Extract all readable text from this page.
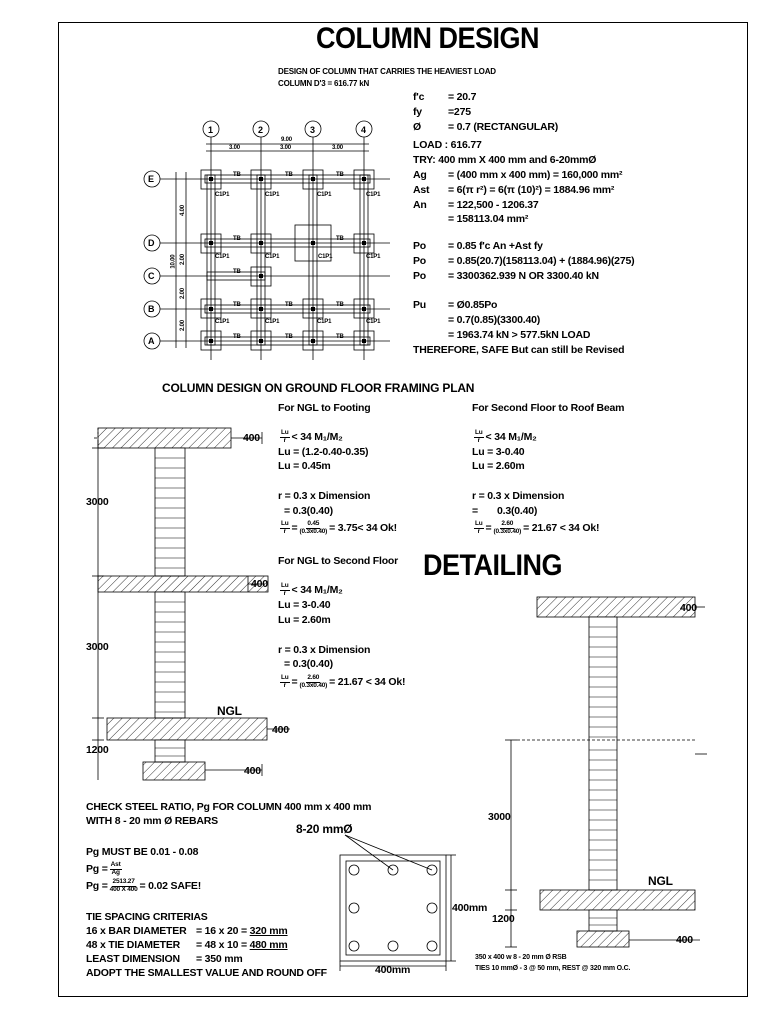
COLUMN DESIGN
DESIGN OF COLUMN THAT CARRIES THE HEAVIEST LOAD
COLUMN D'3 = 616.77 kN
1	2	3	4
E
D
C
B
A
9.00
3.00	3.00	3.00
4.00
2.00
2.00
2.00
10.00
TB	TB	TB
TB	TB
TB	TB	TB
TB
TB	TB	TB
C1P1	C1P1	C1P1	C1P1
C1P1	C1P1	C1P1	C1P1
C1P1	C1P1	C1P1	C1P1
f'c = 20.7
fy =275
Ø	= 0.7 (RECTANGULAR)
LOAD : 616.77
TRY: 400 mm X 400 mm and 6-20mmØ
Ag = (400 mm x 400 mm) = 160,000 mm²
Ast = 6(π r²) = 6(π (10)²) = 1884.96 mm²
An = 122,500 - 1206.37
= 158113.04 mm²
Po = 0.85 f'c An +Ast fy
Po = 0.85(20.7)(158113.04) + (1884.96)(275)
Po = 3300362.939 N OR 3300.40 kN
Pu = Ø0.85Po
= 0.7(0.85)(3300.40)
= 1963.74 kN > 577.5kN LOAD
THEREFORE, SAFE But can still be Revised
COLUMN DESIGN ON GROUND FLOOR FRAMING PLAN
For NGL to Footing
$\frac{Lu}{r} < 34$ M₁/M₂
Lu = (1.2-0.40-0.35)
Lu = 0.45m
r = 0.3 x Dimension
= 0.3(0.40)
$\frac{Lu}{r} = \frac{0.45}{(0.3x0.40)} = 3.75< 34$ Ok!
For Second Floor to Roof Beam
$\frac{Lu}{r} < 34$ M₁/M₂
Lu = 3-0.40
Lu = 2.60m
r = 0.3 x Dimension
= 0.3(0.40)
$\frac{Lu}{r} = \frac{2.60}{(0.3x0.40)} = 21.67 < 34$ Ok!
For NGL to Second Floor
$\frac{Lu}{r} < 34$ M₁/M₂
Lu = 3-0.40
Lu = 2.60m
r = 0.3 x Dimension
= 0.3(0.40)
$\frac{Lu}{r} = \frac{2.60}{(0.3x0.40)} = 21.67 < 34$ Ok!
DETAILING
400
3000
400
3000
NGL
400
1200
400
400
3000
NGL
1200
400
350 x 400 w 8 - 20 mm Ø RSB
TIES 10 mmØ - 3 @ 50 mm, REST @ 320 mm O.C.
8-20 mmØ
400mm
400mm
CHECK STEEL RATIO, Pg FOR COLUMN 400 mm x 400 mm
WITH 8 - 20 mm Ø REBARS
Pg MUST BE 0.01 - 0.08
$Pg = \frac{\text{Ast}}{Ag}$
$Pg = \frac{2513.27}{400 X 400} = 0.02$ SAFE!
TIE SPACING CRITERIAS
16 x BAR DIAMETER = 16 x 20 = 320 mm
48 x TIE DIAMETER = 48 x 10 = 480 mm
LEAST DIMENSION = 350 mm
ADOPT THE SMALLEST VALUE AND ROUND OFF
